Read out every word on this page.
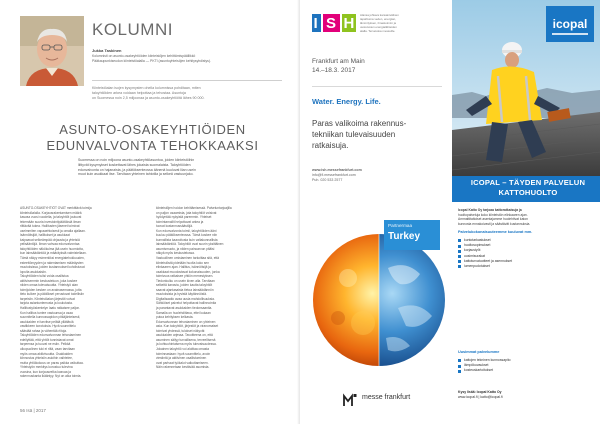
KOLUMNI
Jukka Taskinen
Kolumnisti on asunto-osakeyhtiöiden kiinteistöjen kehittämispäällikkö
Pääkaupunkiseudun kiinteistöalalla — PKTI (asuntoyhteisöjen kehitysyhdistys).
Kiinteistöalan isojen kysymysten ohella kolumnissa pohditaan, miten
taloyhtiöiden arkea voidaan helpottaa ja tehostaa. Asuntoja
on Suomessa noin 2,5 miljoonaa ja asunto-osakeyhtiöitä lähes 90 000.
ASUNTO-OSAKEYHTIÖIDEN
EDUNVALVONTA TEHOKKAAKSI
Suomessa on noin miljoona asunto-osakeyhtiöasuntoa, joiden kiinteistöihin
liittyvät kysymykset koskettavat lähes jokaista suomalaista. Taloyhtiöiden
edunvalvonta on hajanaista, ja päätöksenteossa äänenä kuuluvat liian usein
muut kuin asukkaat itse. Tarvitaan yhteinen tahtotila ja selkeä vastuunjako.
ASUNTO-OSAKEYHTIÖT OVAT merkittävä toimija
kiinteistöalalla. Korjausrakentamisen määrä
kasvaa vuosi vuodelta, ja taloyhtiöt joutuvat
tekemään suuria investointipäätöksiä ilman
riittävää tukea. Hallitusten jäsenet toimivat
useimmiten vapaaehtoisesti ja omalla ajallaan.
Isännöitsijät, hallitukset ja asukkaat
kaipaavat selkeämpää ohjausta ja yhteisiä
pelisääntöjä. Ilman vahvaa edunvalvontaa
taloyhtiöiden näkökulma jää usein huomiotta,
kun lainsäädäntöä ja määräyksiä valmistellaan.
Tämä näkyy esimerkiksi energiatehokkuuden,
esteettömyyden ja rakentamisen määräysten
muutoksissa, joiden kustannukset kohdistuvat
lopulta asukkaisiin.
Taloyhtiöiden tulisi voida osallistua
aktiivisemmin keskusteluun, joka koskee
niiden omaa tulevaisuutta. Yhteistyö alan
toimijoiden kesken on avainasemassa, jotta
tieto kulkee ja päätökset perustuvat todellisiin
tarpeisiin. Kiinteistöalan järjestöt voivat
tarjota asiantuntemusta ja koulutusta.
Hallitustyöskentelyn laatu ratkaisee paljon.
Kun hallitus tuntee vastuunsa ja osaa
suunnitella kunnossapidon pitkäjänteisesti,
asukkaiden ei tarvitse pelätä yllättäviä
vastikkeen korotuksia. Hyvä suunnittelu
säästää rahaa ja vähentää riitoja.
Taloyhtiöiden edunvalvonnan tehostaminen
edellyttää, että yhtiöt tunnistavat omat
tarpeensa ja tuovat ne esiin. Pelkkä
ulkopuolinen tuki ei riitä, vaan tarvitaan
myös omaa aktiivisuutta. Osakkaiden
kiinnostus yhteisiin asioihin vaihtelee,
mutta yhtiökokous on paras paikka vaikuttaa.
Yhteistyön merkitys korostuu tulevina
vuosina, kun korjausvelka kasvaa ja
rakennuskanta ikääntyy. Nyt on aika toimia.
kiinteistöjen hoidon kehittämisessä. Palveluntarjoajilla
on paljon osaamista, jota taloyhtiöt voisivat
hyödyntää nykyistä paremmin. Yhteiset
toimintamallit helpottavat arkea ja
tuovat kustannussäästöjä.
Kun edunvalvonta toimii, taloyhtiöiden ääni
kuuluu päätöksenteossa. Tämä koskee niin
kunnallista kaavoitusta kuin valtakunnallista
lainsäädäntöä. Taloyhtiöt ovat suurin yksittäinen
asumismuoto, ja niiden painoarvon pitäisi
näkyä myös keskustelussa.
Vastuullinen omistaminen tarkoittaa sitä, että
kiinteistöstä pidetään huolta koko sen
elinkaaren ajan. Hallitus, isännöitsijä ja
osakkaat muodostavat kokonaisuuden, jonka
toimivuus ratkaisee yhtiön menestyksen.
Tiedonkulku on usein kiven alla. Tarvitaan
selkeitä kanavia, joiden kautta taloyhtiöt
saavat ajantasaista tietoa lainsäädännön
muutoksista ja hyvistä käytännöistä.
Digitalisaatio avaa uusia mahdollisuuksia.
Sähköiset palvelut helpottavat hallinnointia
ja parantavat asukkaiden tiedonsaantia.
Samalla on huolehdittava, ettei kukaan
putoa kehityksen kelkasta.
Edunvalvonnan tehostaminen on yhteinen
asia. Kun taloyhtiöt, järjestöt ja viranomaiset
toimivat yhdessä, tulokset näkyvät
asukkaiden arjessa. Tavoitteena on, että
asuminen säilyy turvallisena, terveellisenä
ja kohtuuhintaisena myös tulevaisuudessa.
Jokainen taloyhtiö voi aloittaa omasta
toiminnastaan: hyvä suunnittelu, avoin
viestintä ja aktiivinen osallistuminen
ovat parhaat työkalut vaikuttamiseen.
Näin rakennetaan kestävää asumista.
56 Isä | 2017
I S H Alansa johtava kansainvälinen
tapahtuma veden, energian,
lämmityksen, ilmastoinnin ja
uusiutuvien energialähteiden
alalla. Tervetuloa messuille.
Frankfurt am Main
14.–18.3. 2017
Water. Energy. Life.
Paras valikoima rakennus-
tekniikan tulevaisuuden
ratkaisuja.
www.ish.messefrankfurt.com
info@fi.messefrankfurt.com
Puh. 020 533 2577
Partnermaa
Turkey
messe frankfurt
icopal
ICOPAL – TÄYDEN PALVELUN
KATTOHUOLTO
Icopal Katto Oy tarjoaa kattoratkaisuja ja
huoltopalveluja koko kiinteistön elinkaaren ajan.
Ammattitaitoiset asentajamme huolehtivat katon
kunnosta ennakoivasti ja säästävät kustannuksia.
Palvelukokonaisuuteemme kuuluvat mm.
kuntotarkastukset
huoltosopimukset
korjaustyöt
uusimisurakat
kattoturvatuotteet ja asennukset
lumenpudotukset
Uusimmat palvelumme
kattojen tekninen kunnossapito
lämpökuvaukset
kosteuskartoitukset
Kysy lisää: Icopal Katto Oy
www.icopal.fi | katto@icopal.fi
